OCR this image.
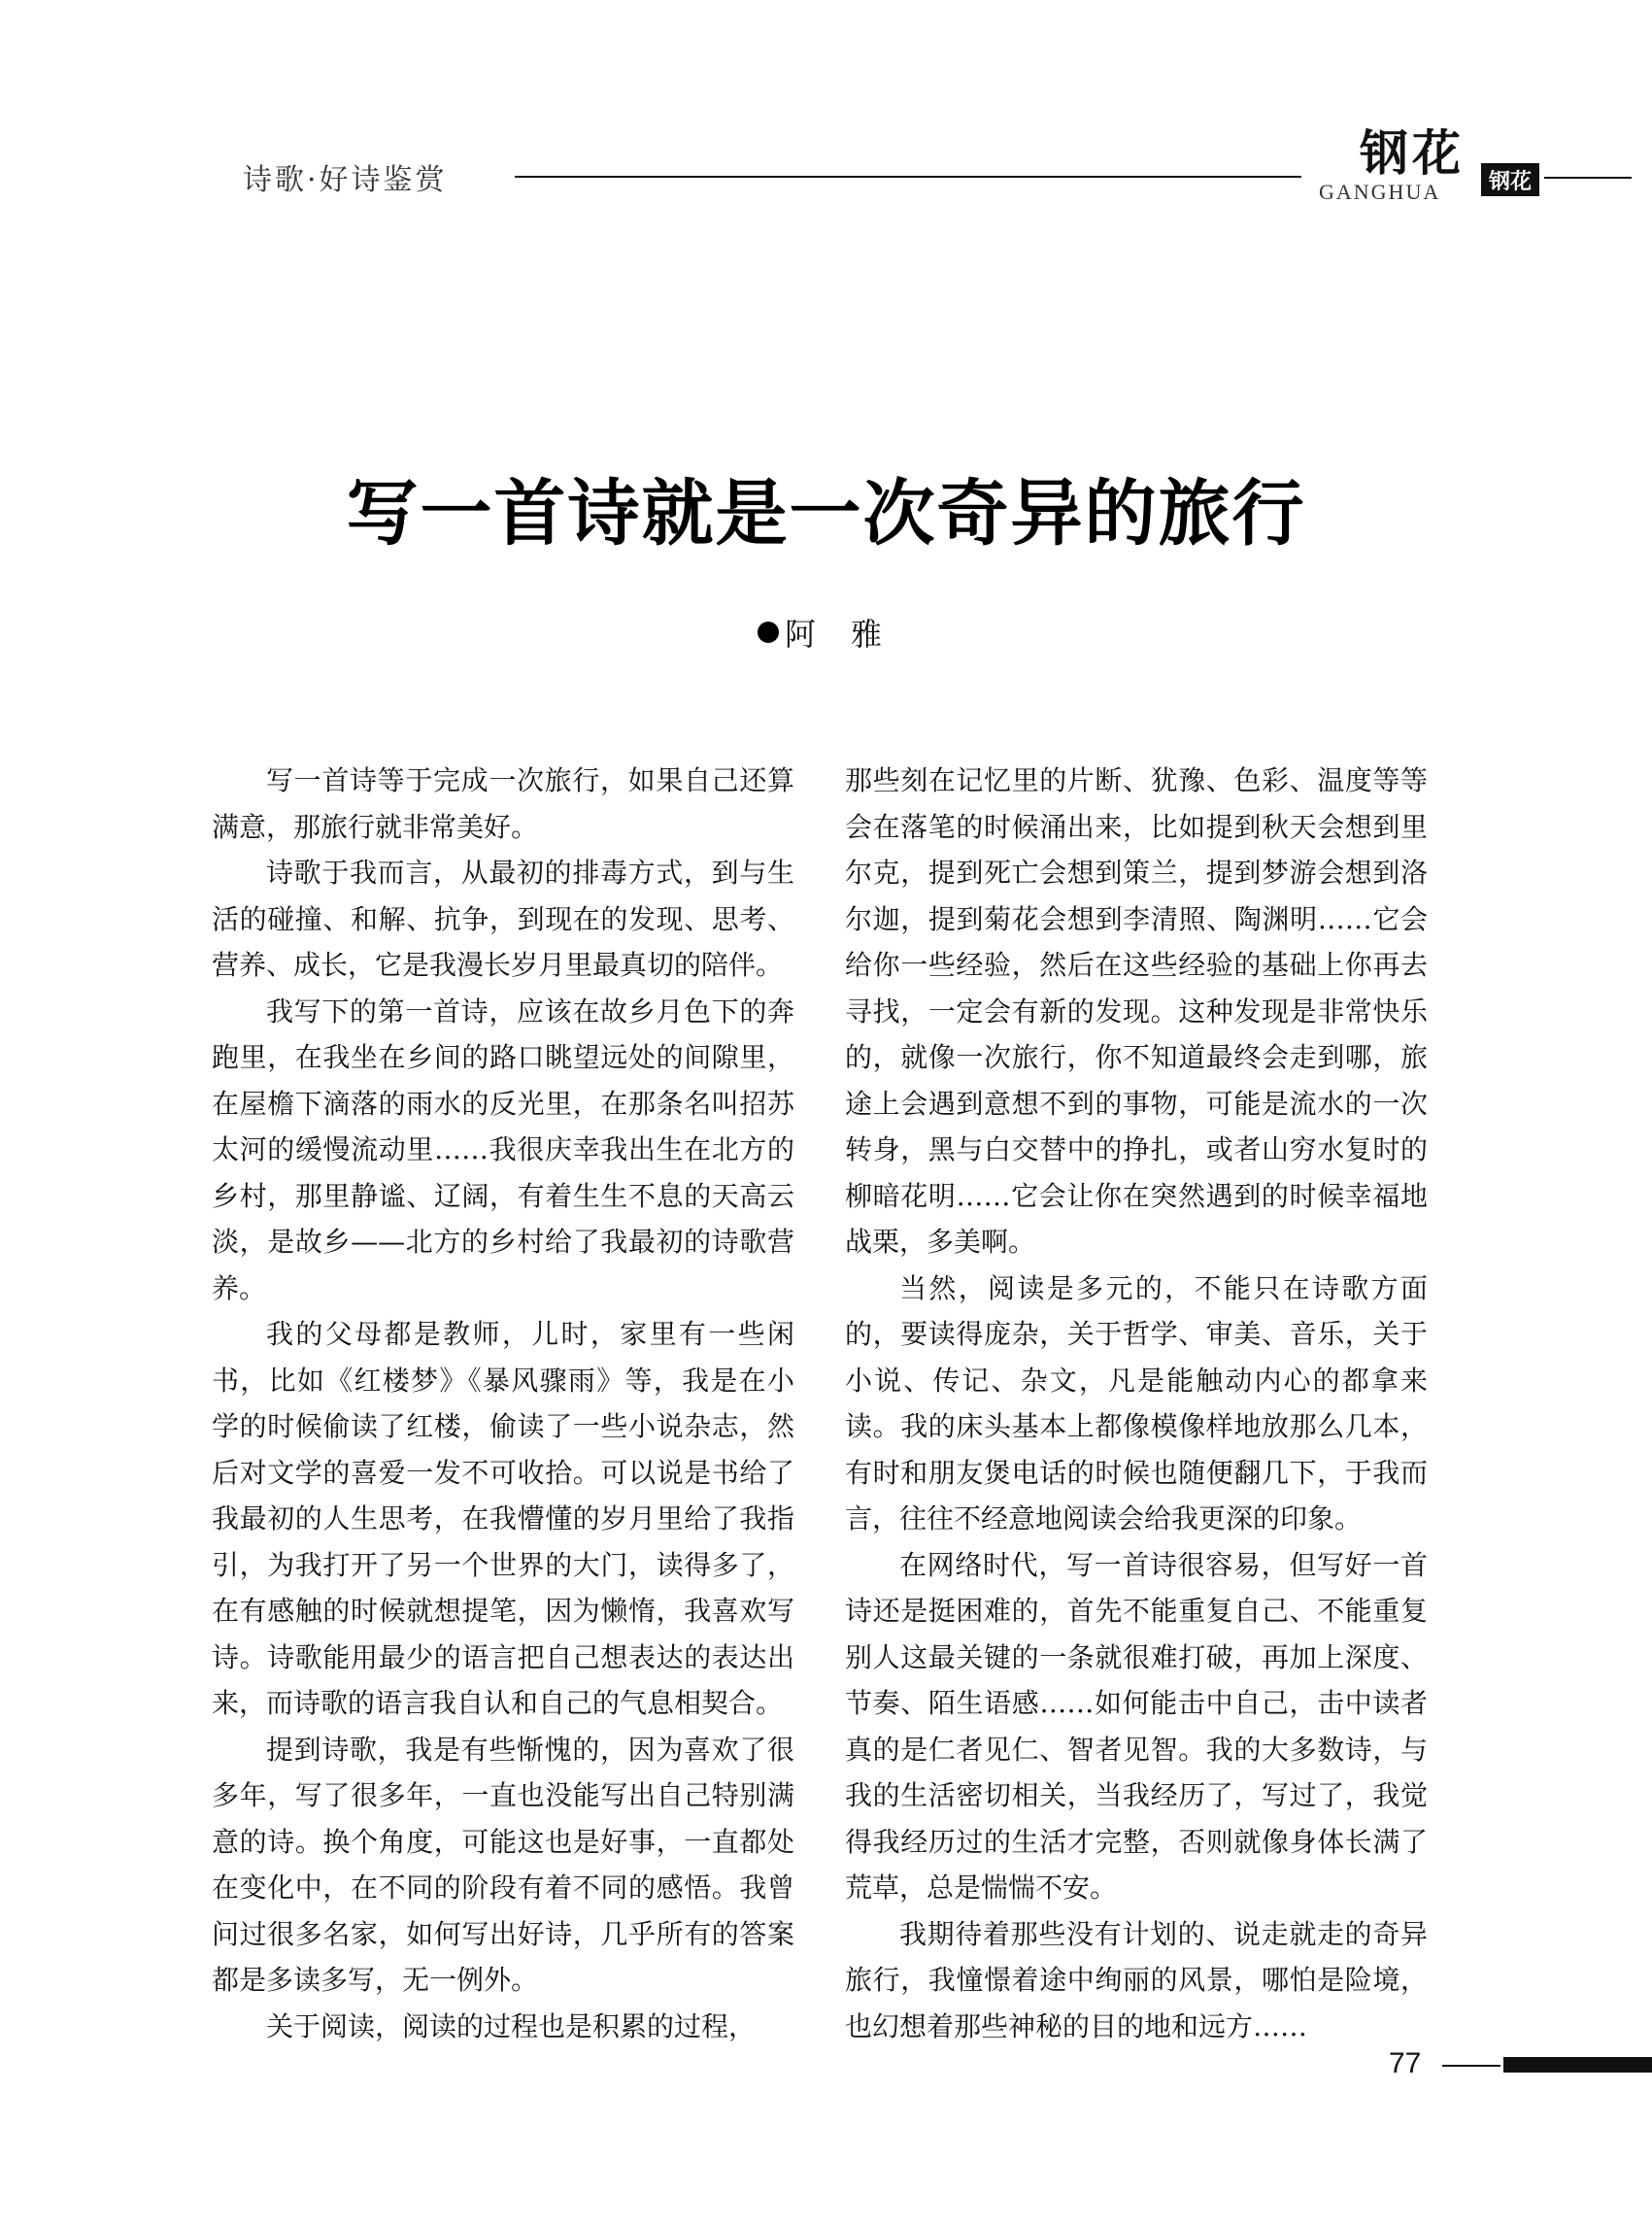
诗歌·好诗鉴赏	钢花
GANGHUA	钢花
写一首诗就是一次奇异的旅行
阿雅

写一首诗等于完成一次旅行，如果自己还算满意，那旅行就非常美好。

诗歌于我而言，从最初的排毒方式，到与生活的碰撞、和解、抗争，到现在的发现、思考、营养、成长，它是我漫长岁月里最真切的陪伴。

我写下的第一首诗，应该在故乡月色下的奔跑里，在我坐在乡间的路口眺望远处的间隙里，在屋檐下滴落的雨水的反光里，在那条名叫招苏太河的缓慢流动里……我很庆幸我出生在北方的乡村，那里静谧、辽阔，有着生生不息的天高云淡，是故乡——北方的乡村给了我最初的诗歌营养。

我的父母都是教师，儿时，家里有一些闲书，比如《红楼梦》《暴风骤雨》等，我是在小学的时候偷读了红楼，偷读了一些小说杂志，然后对文学的喜爱一发不可收拾。可以说是书给了我最初的人生思考，在我懵懂的岁月里给了我指引，为我打开了另一个世界的大门，读得多了，在有感触的时候就想提笔，因为懒惰，我喜欢写诗。诗歌能用最少的语言把自己想表达的表达出来，而诗歌的语言我自认和自己的气息相契合。

提到诗歌，我是有些惭愧的，因为喜欢了很多年，写了很多年，一直也没能写出自己特别满意的诗。换个角度，可能这也是好事，一直都处在变化中，在不同的阶段有着不同的感悟。我曾问过很多名家，如何写出好诗，几乎所有的答案都是多读多写，无一例外。

关于阅读，阅读的过程也是积累的过程，

那些刻在记忆里的片断、犹豫、色彩、温度等等会在落笔的时候涌出来，比如提到秋天会想到里尔克，提到死亡会想到策兰，提到梦游会想到洛尔迦，提到菊花会想到李清照、陶渊明……它会给你一些经验，然后在这些经验的基础上你再去寻找，一定会有新的发现。这种发现是非常快乐的，就像一次旅行，你不知道最终会走到哪，旅途上会遇到意想不到的事物，可能是流水的一次转身，黑与白交替中的挣扎，或者山穷水复时的柳暗花明……它会让你在突然遇到的时候幸福地战栗，多美啊。

当然，阅读是多元的，不能只在诗歌方面的，要读得庞杂，关于哲学、审美、音乐，关于小说、传记、杂文，凡是能触动内心的都拿来读。我的床头基本上都像模像样地放那么几本，有时和朋友煲电话的时候也随便翻几下，于我而言，往往不经意地阅读会给我更深的印象。

在网络时代，写一首诗很容易，但写好一首诗还是挺困难的，首先不能重复自己、不能重复别人这最关键的一条就很难打破，再加上深度、节奏、陌生语感……如何能击中自己，击中读者真的是仁者见仁、智者见智。我的大多数诗，与我的生活密切相关，当我经历了，写过了，我觉得我经历过的生活才完整，否则就像身体长满了荒草，总是惴惴不安。

我期待着那些没有计划的、说走就走的奇异旅行，我憧憬着途中绚丽的风景，哪怕是险境，也幻想着那些神秘的目的地和远方……

77
